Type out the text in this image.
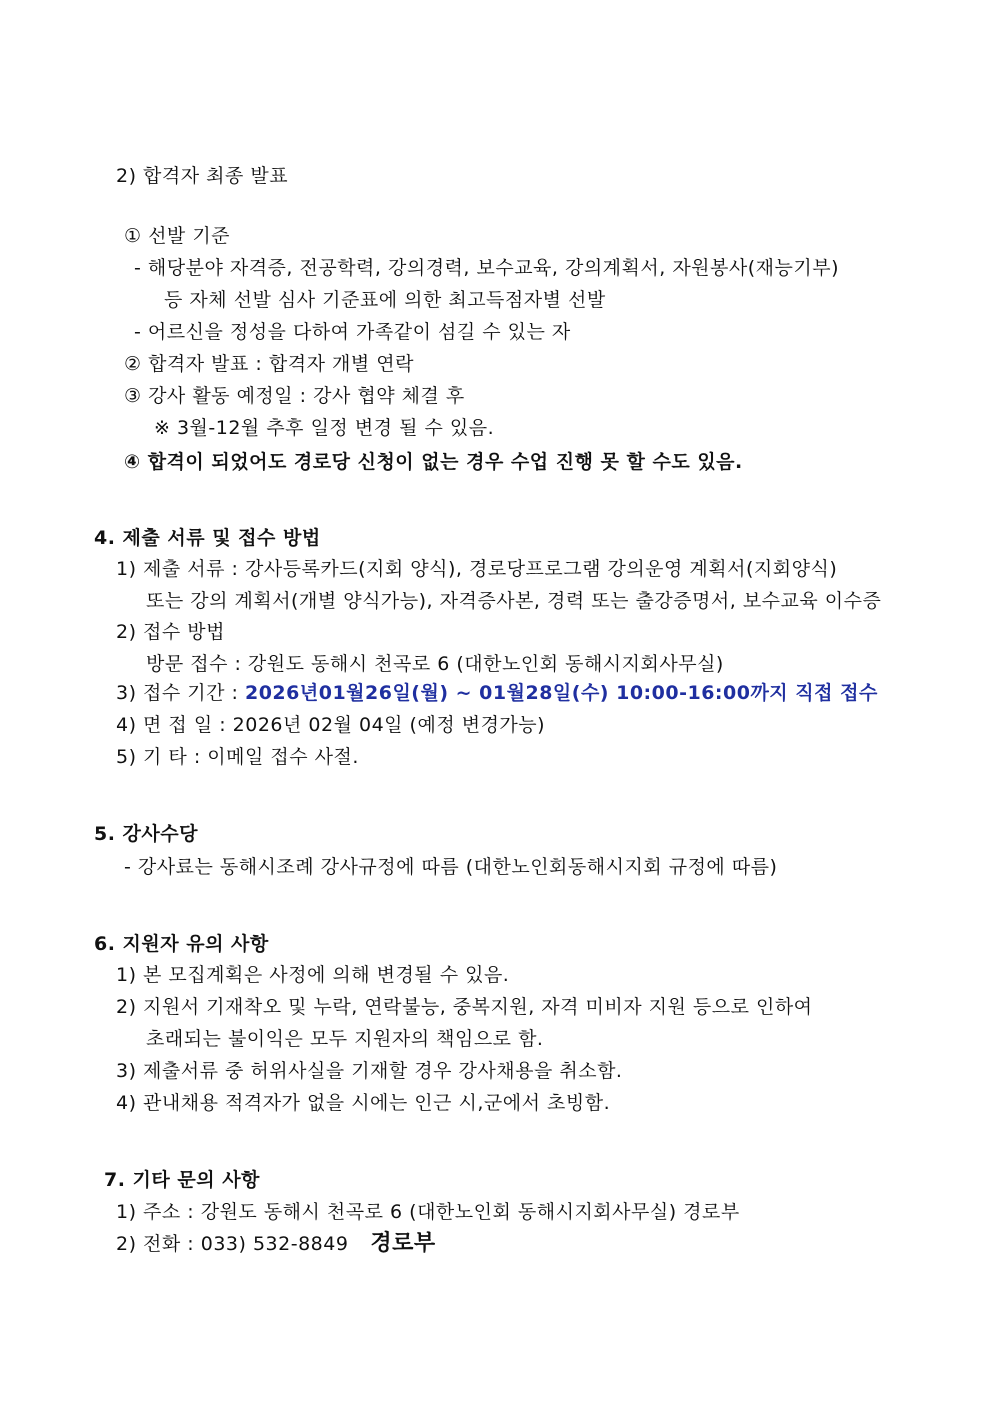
2) 합격자 최종 발표
① 선발 기준
- 해당분야 자격증, 전공학력, 강의경력, 보수교육, 강의계획서, 자원봉사(재능기부)
등 자체 선발 심사 기준표에 의한 최고득점자별 선발
- 어르신을 정성을 다하여 가족같이 섬길 수 있는 자
② 합격자 발표 : 합격자 개별 연락
③ 강사 활동 예정일 : 강사 협약 체결 후
※ 3월-12월 추후 일정 변경 될 수 있음.
④ 합격이 되었어도 경로당 신청이 없는 경우 수업 진행 못 할 수도 있음.
4. 제출 서류 및 접수 방법
1) 제출 서류 : 강사등록카드(지회 양식), 경로당프로그램 강의운영 계획서(지회양식)
또는 강의 계획서(개별 양식가능), 자격증사본, 경력 또는 출강증명서, 보수교육 이수증
2) 접수 방법
방문 접수 : 강원도 동해시 천곡로 6 (대한노인회 동해시지회사무실)
3) 접수 기간 : 2026년01월26일(월) ~ 01월28일(수) 10:00-16:00까지 직접 접수
4) 면 접 일 : 2026년 02월 04일 (예정 변경가능)
5) 기 타 : 이메일 접수 사절.
5. 강사수당
- 강사료는 동해시조례 강사규정에 따름 (대한노인회동해시지회 규정에 따름)
6. 지원자 유의 사항
1) 본 모집계획은 사정에 의해 변경될 수 있음.
2) 지원서 기재착오 및 누락, 연락불능, 중복지원, 자격 미비자 지원 등으로 인하여
초래되는 불이익은 모두 지원자의 책임으로 함.
3) 제출서류 중 허위사실을 기재할 경우 강사채용을 취소함.
4) 관내채용 적격자가 없을 시에는 인근 시,군에서 초빙함.
7. 기타 문의 사항
1) 주소 : 강원도 동해시 천곡로 6 (대한노인회 동해시지회사무실) 경로부
2) 전화 : 033) 532-8849 경로부
